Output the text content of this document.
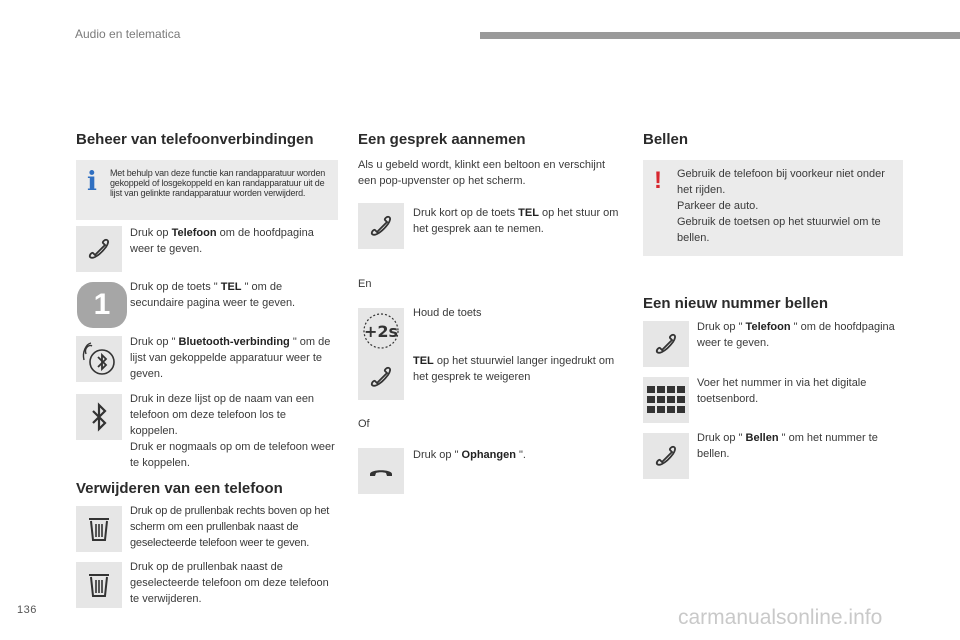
Audio en telematica
1
Beheer van telefoonverbindingen
i Met behulp van deze functie kan randapparatuur worden gekoppeld of losgekoppeld en kan randapparatuur uit de lijst van gelinkte randapparatuur worden verwijderd.
Druk op Telefoon om de hoofdpagina weer te geven.
Druk op de toets " TEL " om de secundaire pagina weer te geven.
Druk op " Bluetooth-verbinding " om de lijst van gekoppelde apparatuur weer te geven.
Druk in deze lijst op de naam van een telefoon om deze telefoon los te koppelen.
Druk er nogmaals op om de telefoon weer te koppelen.
Verwijderen van een telefoon
Druk op de prullenbak rechts boven op het scherm om een prullenbak naast de geselecteerde telefoon weer te geven.
Druk op de prullenbak naast de geselecteerde telefoon om deze telefoon te verwijderen.
Een gesprek aannemen
Als u gebeld wordt, klinkt een beltoon en verschijnt een pop-upvenster op het scherm.
Druk kort op de toets TEL op het stuur om het gesprek aan te nemen.
En
Houd de toets
+2s
TEL op het stuurwiel langer ingedrukt om het gesprek te weigeren
Of
Druk op " Ophangen ".
Bellen
! Gebruik de telefoon bij voorkeur niet onder het rijden.
Parkeer de auto.
Gebruik de toetsen op het stuurwiel om te bellen.
Een nieuw nummer bellen
Druk op " Telefoon " om de hoofdpagina weer te geven.
Voer het nummer in via het digitale toetsenbord.
Druk op " Bellen " om het nummer te bellen.
136	carmanualsonline.info
